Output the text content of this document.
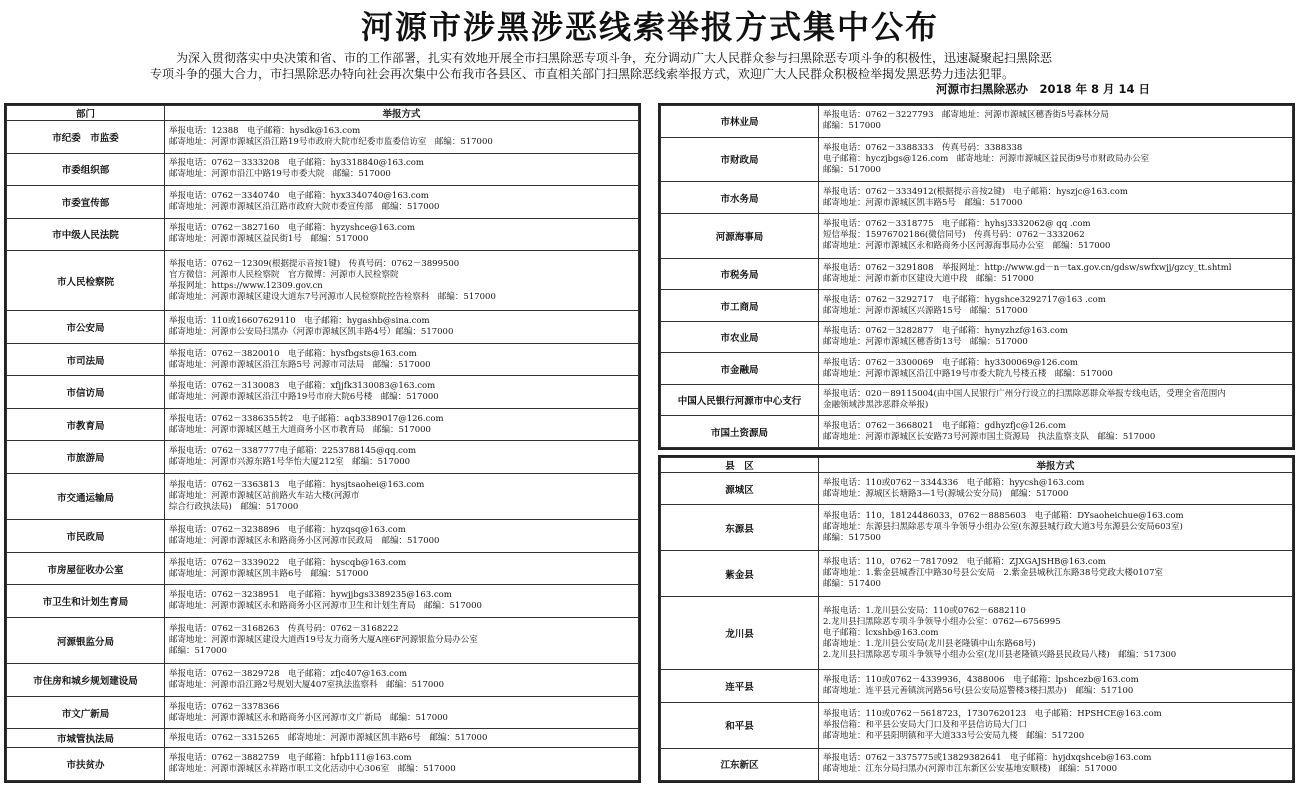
河源市涉黑涉恶线索举报方式集中公布

为深入贯彻落实中央决策和省、市的工作部署，扎实有效地开展全市扫黑除恶专项斗争，充分调动广大人民群众参与扫黑除恶专项斗争的积极性，迅速凝聚起扫黑除恶

专项斗争的强大合力，市扫黑除恶办特向社会再次集中公布我市各县区、市直相关部门扫黑除恶线索举报方式，欢迎广大人民群众积极检举揭发黑恶势力违法犯罪。

河源市扫黑除恶办　2018 年 8 月 14 日
部门	举报方式
市纪委　市监委	举报电话：12388　电子邮箱：hysdk@163.com
邮寄地址：河源市源城区沿江路19号市政府大院市纪委市监委信访室　邮编：517000

市委组织部	举报电话：0762－3333208　电子邮箱：hy3318840@163.com
邮寄地址：河源市沿江中路19号市委大院　邮编：517000

市委宣传部	举报电话：0762－3340740　电子邮箱：hyx3340740@163.com
邮寄地址：河源市源城区沿江路市政府大院市委宣传部　邮编：517000

市中级人民法院	举报电话：0762－3827160　电子邮箱：hyzyshce@163.com
邮寄地址：河源市源城区益民街1号　邮编：517000

市人民检察院	举报电话：0762－12309(根据提示音按1键)　传真号码：0762－3899500
官方微信：河源市人民检察院　官方微博：河源市人民检察院
举报网址：https://www.12309.gov.cn
邮寄地址：河源市源城区建设大道东7号河源市人民检察院控告检察科　邮编：517000

市公安局	举报电话：110或16607629110　电子邮箱：hygashb@sina.com
邮寄地址：河源市公安局扫黑办（河源市源城区凯丰路4号）邮编：517000

市司法局	举报电话：0762－3820010　电子邮箱：hysfbgsts@163.com
邮寄地址：河源市源城区沿江东路5号 河源市司法局　邮编：517000

市信访局	举报电话：0762－3130083　电子邮箱：xfjjfk3130083@163.com
邮寄地址：河源市源城区沿江中路19号市府大院6号楼　邮编：517000

市教育局	举报电话：0762－3386355转2　电子邮箱：aqb3389017@126.com
邮寄地址：河源市源城区越王大道商务小区市教育局　邮编：517000

市旅游局	举报电话：0762－3387777电子邮箱：2253788145@qq.com
邮寄地址：河源市兴源东路1号华怡大厦212室　邮编：517000

市交通运输局	举报电话：0762－3363813　电子邮箱：hysjtsaohei@163.com
邮寄地址：河源市源城区站前路火车站大楼(河源市
综合行政执法局)　邮编：517000

市民政局	举报电话：0762－3238896　电子邮箱：hyzqsq@163.com
邮寄地址：河源市源城区永和路商务小区河源市民政局　邮编：517000

市房屋征收办公室	举报电话：0762－3339022　电子邮箱：hyscqb@163.com
邮寄地址：河源市源城区凯丰路6号　邮编：517000

市卫生和计划生育局	举报电话：0762－3238951　电子邮箱：hywjjbgs3389235@163.com
邮寄地址：河源市源城区永和路商务小区河源市卫生和计划生育局　邮编：517000

河源银监分局	举报电话：0762－3168263　传真号码：0762－3168222
邮寄地址：河源市源城区建设大道西19号友力商务大厦A座6F河源银监分局办公室
邮编：517000

市住房和城乡规划建设局	举报电话：0762－3829728　电子邮箱：zfjc407@163.com
邮寄地址：河源市沿江路2号规划大厦407室执法监察科　邮编：517000

市文广新局	举报电话：0762－3378366
邮寄地址：河源市源城区永和路商务小区河源市文广新局　邮编：517000

市城管执法局	举报电话：0762－3315265　邮寄地址：河源市源城区凯丰路6号　邮编：517000

市扶贫办	举报电话：0762－3882759　电子邮箱：hfpb111@163.com
邮寄地址：河源市源城区永祥路市职工文化活动中心306室　邮编：517000
市林业局	举报电话：0762－3227793　邮寄地址：河源市源城区穗香街5号森林分局
邮编：517000

市财政局	举报电话：0762－3388333　传真号码：3388338
电子邮箱：hyczjbgs@126.com　邮寄地址：河源市源城区益民街9号市财政局办公室
邮编：517000

市水务局	举报电话：0762－3334912(根据提示音按2键)　电子邮箱：hyszjc@163.com
邮寄地址：河源市源城区凯丰路5号　邮编：517000

河源海事局	举报电话：0762－3318775　电子邮箱：hyhsj3332062@ qq .com
短信举报：15976702186(微信同号)　传真号码：0762－3332062
邮寄地址：河源市源城区永和路商务小区河源海事局办公室　邮编：517000

市税务局	举报电话：0762－3291808　举报网址：http://www.gd－n－tax.gov.cn/gdsw/swfxwjj/gzcy_tt.shtml
邮寄地址：河源市新市区建设大道中段　邮编：517000

市工商局	举报电话：0762－3292717　电子邮箱：hygshce3292717@163 .com
邮寄地址：河源市源城区兴源路15号　邮编：517000

市农业局	举报电话：0762－3282877　电子邮箱：hynyzhzf@163.com
邮寄地址：河源市源城区穗香街13号　邮编：517000

市金融局	举报电话：0762－3300069　电子邮箱：hy3300069@126.com
邮寄地址：河源市源城区沿江中路19号市委大院九号楼五楼　邮编：517000

中国人民银行河源市中心支行	举报电话：020－89115004(由中国人民银行广州分行设立的扫黑除恶群众举报专线电话，受理全省范围内
金融领域涉黑涉恶群众举报)

市国土资源局	举报电话：0762－3668021　电子邮箱：gdhyzfjc@126.com
邮寄地址：河源市源城区长安路73号河源市国土资源局　执法监察支队　邮编：517000
县　区	举报方式
源城区	举报电话：110或0762－3344336　电子邮箱：hyycsh@163.com
邮寄地址：源城区长塘路3—1号(源城公安分局)　邮编：517000

东源县	举报电话：110，18124486033，0762－8885603　电子邮箱：DYsaoheichue@163.com
邮寄地址：东源县扫黑除恶专项斗争领导小组办公室(东源县城行政大道3号东源县公安局603室)
邮编：517500

紫金县	举报电话：110，0762－7817092　电子邮箱：ZJXGAJSHB@163.com
邮寄地址：1.紫金县城香江中路30号县公安局　2.紫金县城秋江东路38号党政大楼0107室
邮编：517400

龙川县	举报电话：1.龙川县公安局：110或0762－6882110
2.龙川县扫黑除恶专项斗争领导小组办公室：0762—6756995
电子邮箱：lcxshb@163.com
邮寄地址：1.龙川县公安局(龙川县老隆镇中山东路68号)
2.龙川县扫黑除恶专项斗争领导小组办公室(龙川县老隆镇兴路县民政局八楼)　邮编：517300

连平县	举报电话：110或0762－4339936，4388006　电子邮箱：lpshcezb@163.com
邮寄地址：连平县元善镇滨河路56号(县公安局巡警楼3楼扫黑办)　邮编：517100

和平县	举报电话：110或0762－5618723，17307620123　电子邮箱：HPSHCE@163.com
举报信箱：和平县公安局大门口及和平县信访局大门口
邮寄地址：和平县阳明镇和平大道333号公安局九楼　邮编：517200

江东新区	举报电话：0762－3375775或13829382641　电子邮箱：hyjdxqshceb@163.com
邮寄地址：江东分局扫黑办(河源市江东新区公安基地安顺楼)　邮编：517000
